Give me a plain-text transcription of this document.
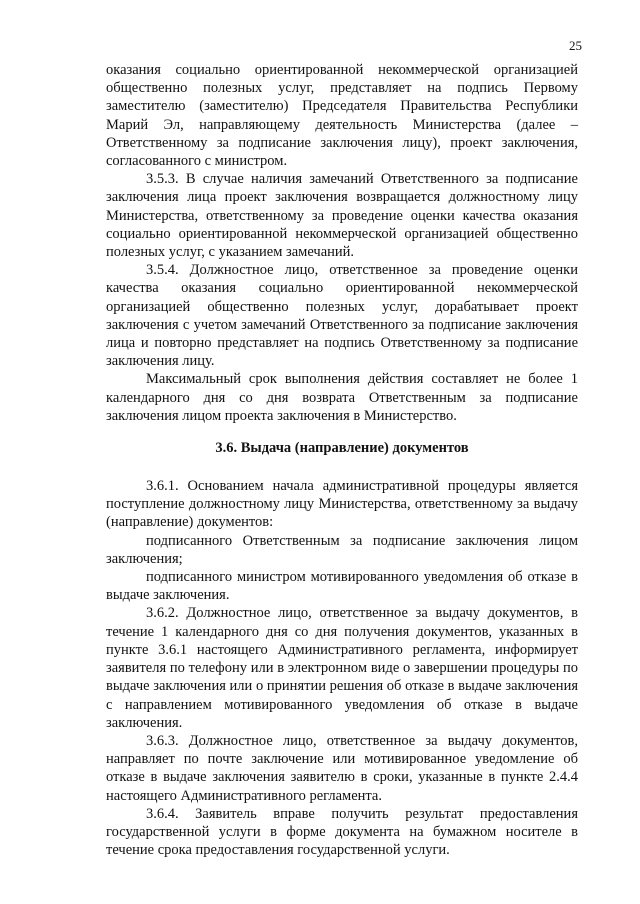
25

оказания социально ориентированной некоммерческой организацией общественно полезных услуг, представляет на подпись Первому заместителю (заместителю) Председателя Правительства Республики Марий Эл, направляющему деятельность Министерства (далее – Ответственному за подписание заключения лицу), проект заключения, согласованного с министром.

3.5.3. В случае наличия замечаний Ответственного за подписание заключения лица проект заключения возвращается должностному лицу Министерства, ответственному за проведение оценки качества оказания социально ориентированной некоммерческой организацией общественно полезных услуг, с указанием замечаний.

3.5.4. Должностное лицо, ответственное за проведение оценки качества оказания социально ориентированной некоммерческой организацией общественно полезных услуг, дорабатывает проект заключения с учетом замечаний Ответственного за подписание заключения лица и повторно представляет на подпись Ответственному за подписание заключения лицу.

Максимальный срок выполнения действия составляет не более 1 календарного дня со дня возврата Ответственным за подписание заключения лицом проекта заключения в Министерство.

3.6. Выдача (направление) документов

3.6.1. Основанием начала административной процедуры является поступление должностному лицу Министерства, ответственному за выдачу (направление) документов:

подписанного Ответственным за подписание заключения лицом заключения;

подписанного министром мотивированного уведомления об отказе в выдаче заключения.

3.6.2. Должностное лицо, ответственное за выдачу документов, в течение 1 календарного дня со дня получения документов, указанных в пункте 3.6.1 настоящего Административного регламента, информирует заявителя по телефону или в электронном виде о завершении процедуры по выдаче заключения или о принятии решения об отказе в выдаче заключения с направлением мотивированного уведомления об отказе в выдаче заключения.

3.6.3. Должностное лицо, ответственное за выдачу документов, направляет по почте заключение или мотивированное уведомление об отказе в выдаче заключения заявителю в сроки, указанные в пункте 2.4.4 настоящего Административного регламента.

3.6.4. Заявитель вправе получить результат предоставления государственной услуги в форме документа на бумажном носителе в течение срока предоставления государственной услуги.
